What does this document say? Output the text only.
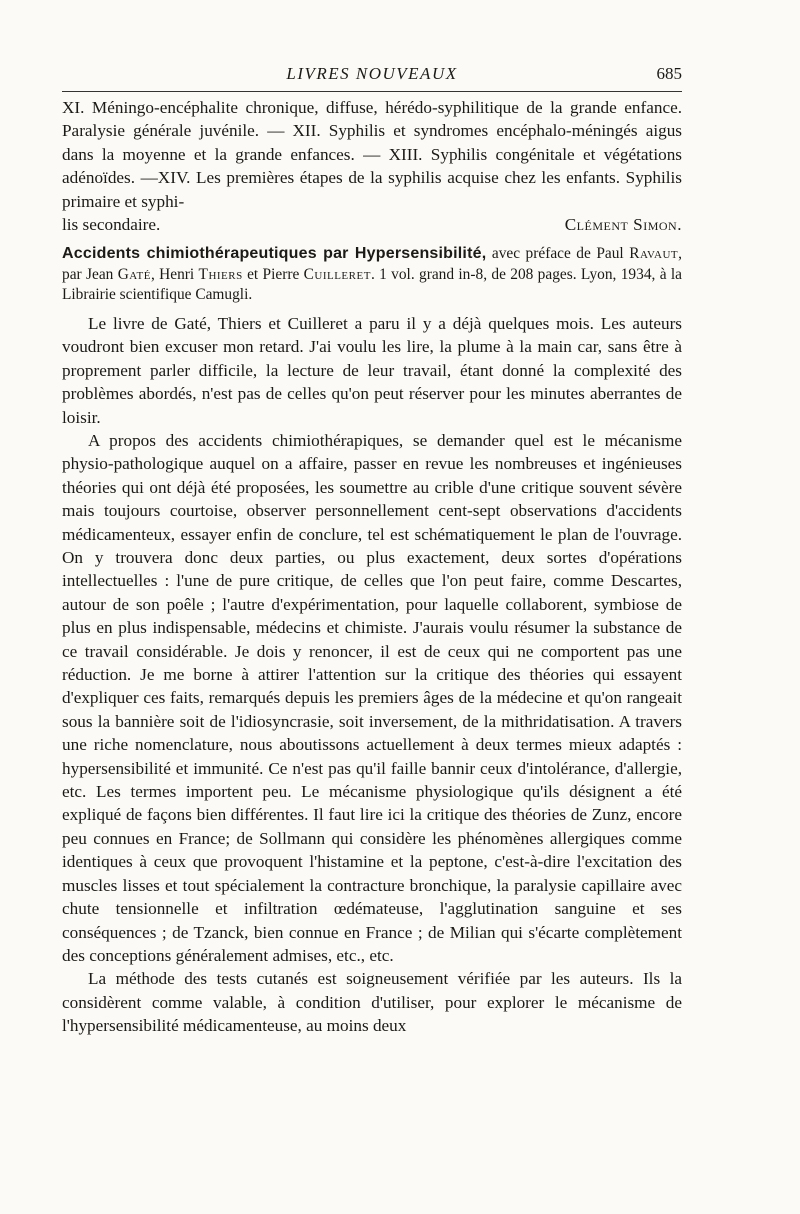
LIVRES NOUVEAUX	685

XI. Méningo-encéphalite chronique, diffuse, hérédo-syphilitique de la grande enfance. Paralysie générale juvénile. — XII. Syphilis et syndromes encéphalo-méningés aigus dans la moyenne et la grande enfances. — XIII. Syphilis congénitale et végétations adénoïdes. —XIV. Les premières étapes de la syphilis acquise chez les enfants. Syphilis primaire et syphi-

lis secondaire.	Clément Simon.

Accidents chimiothérapeutiques par Hypersensibilité, avec préface de Paul Ravaut, par Jean Gaté, Henri Thiers et Pierre Cuilleret. 1 vol. grand in-8, de 208 pages. Lyon, 1934, à la Librairie scientifique Camugli.

Le livre de Gaté, Thiers et Cuilleret a paru il y a déjà quelques mois. Les auteurs voudront bien excuser mon retard. J'ai voulu les lire, la plume à la main car, sans être à proprement parler difficile, la lecture de leur travail, étant donné la complexité des problèmes abordés, n'est pas de celles qu'on peut réserver pour les minutes aberrantes de loisir.

A propos des accidents chimiothérapiques, se demander quel est le mécanisme physio-pathologique auquel on a affaire, passer en revue les nombreuses et ingénieuses théories qui ont déjà été proposées, les soumettre au crible d'une critique souvent sévère mais toujours courtoise, observer personnellement cent-sept observations d'accidents médicamenteux, essayer enfin de conclure, tel est schématiquement le plan de l'ouvrage. On y trouvera donc deux parties, ou plus exactement, deux sortes d'opérations intellectuelles : l'une de pure critique, de celles que l'on peut faire, comme Descartes, autour de son poêle ; l'autre d'expérimentation, pour laquelle collaborent, symbiose de plus en plus indispensable, médecins et chimiste. J'aurais voulu résumer la substance de ce travail considérable. Je dois y renoncer, il est de ceux qui ne comportent pas une réduction. Je me borne à attirer l'attention sur la critique des théories qui essayent d'expliquer ces faits, remarqués depuis les premiers âges de la médecine et qu'on rangeait sous la bannière soit de l'idiosyncrasie, soit inversement, de la mithridatisation. A travers une riche nomenclature, nous aboutissons actuellement à deux termes mieux adaptés : hypersensibilité et immunité. Ce n'est pas qu'il faille bannir ceux d'intolérance, d'allergie, etc. Les termes importent peu. Le mécanisme physiologique qu'ils désignent a été expliqué de façons bien différentes. Il faut lire ici la critique des théories de Zunz, encore peu connues en France; de Sollmann qui considère les phénomènes allergiques comme identiques à ceux que provoquent l'histamine et la peptone, c'est-à-dire l'excitation des muscles lisses et tout spécialement la contracture bronchique, la paralysie capillaire avec chute tensionnelle et infiltration œdémateuse, l'agglutination sanguine et ses conséquences ; de Tzanck, bien connue en France ; de Milian qui s'écarte complètement des conceptions généralement admises, etc., etc.

La méthode des tests cutanés est soigneusement vérifiée par les auteurs. Ils la considèrent comme valable, à condition d'utiliser, pour explorer le mécanisme de l'hypersensibilité médicamenteuse, au moins deux
